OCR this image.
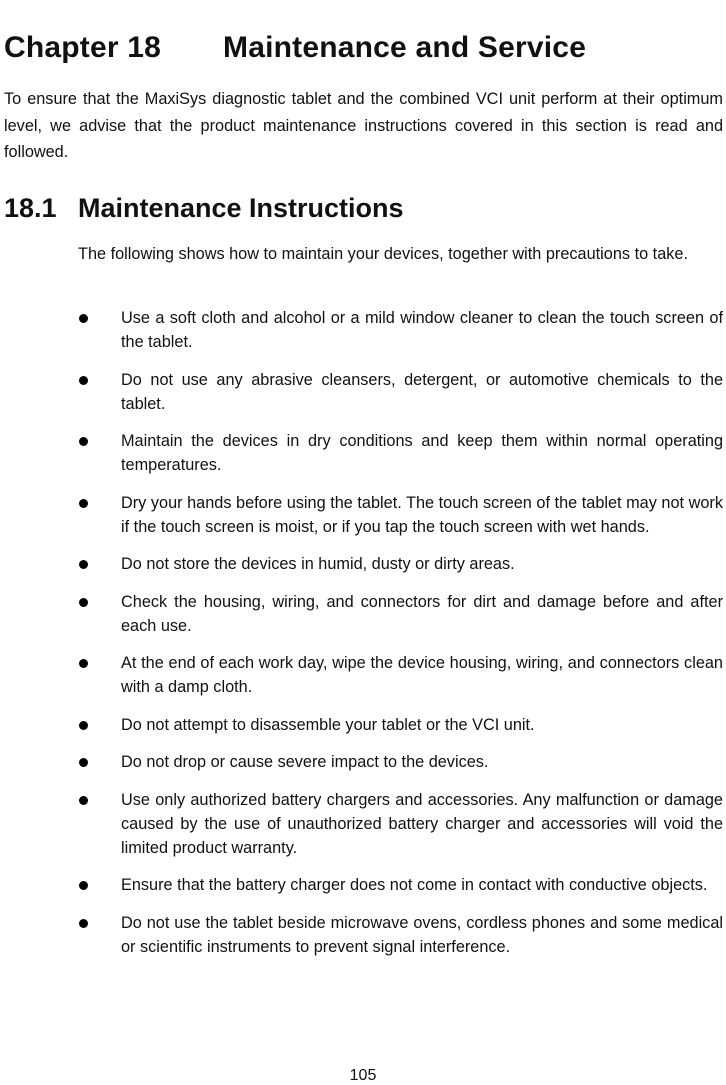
Chapter 18 Maintenance and Service

To ensure that the MaxiSys diagnostic tablet and the combined VCI unit perform at their optimum level, we advise that the product maintenance instructions covered in this section is read and followed.

18.1 Maintenance Instructions

The following shows how to maintain your devices, together with precautions to take.

Use a soft cloth and alcohol or a mild window cleaner to clean the touch screen of the tablet.
Do not use any abrasive cleansers, detergent, or automotive chemicals to the tablet.
Maintain the devices in dry conditions and keep them within normal operating temperatures.
Dry your hands before using the tablet. The touch screen of the tablet may not work if the touch screen is moist, or if you tap the touch screen with wet hands.
Do not store the devices in humid, dusty or dirty areas.
Check the housing, wiring, and connectors for dirt and damage before and after each use.
At the end of each work day, wipe the device housing, wiring, and connectors clean with a damp cloth.
Do not attempt to disassemble your tablet or the VCI unit.
Do not drop or cause severe impact to the devices.
Use only authorized battery chargers and accessories. Any malfunction or damage caused by the use of unauthorized battery charger and accessories will void the limited product warranty.
Ensure that the battery charger does not come in contact with conductive objects.
Do not use the tablet beside microwave ovens, cordless phones and some medical or scientific instruments to prevent signal interference.
105
